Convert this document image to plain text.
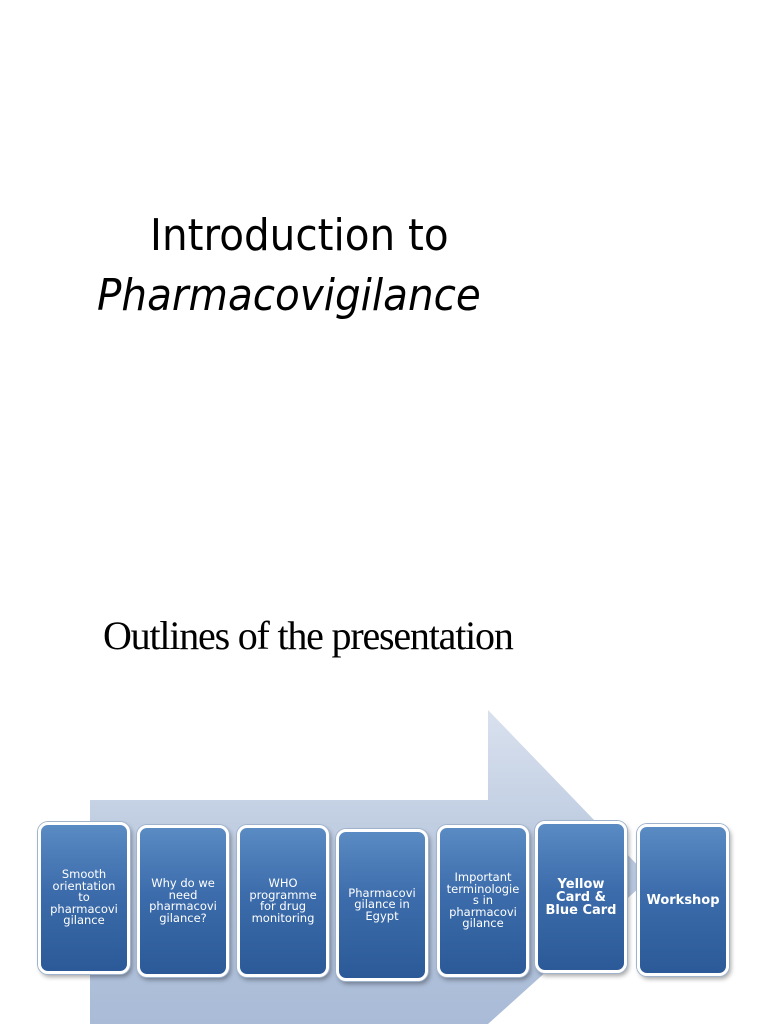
Introduction to
Pharmacovigilance
Outlines of the presentation
Smooth
orientation
to
pharmacovi
gilance
Why do we
need
pharmacovi
gilance?
WHO
programme
for drug
monitoring
Pharmacovi
gilance in
Egypt
Important
terminologie
s in
pharmacovi
gilance
Yellow
Card &
Blue Card
Workshop
